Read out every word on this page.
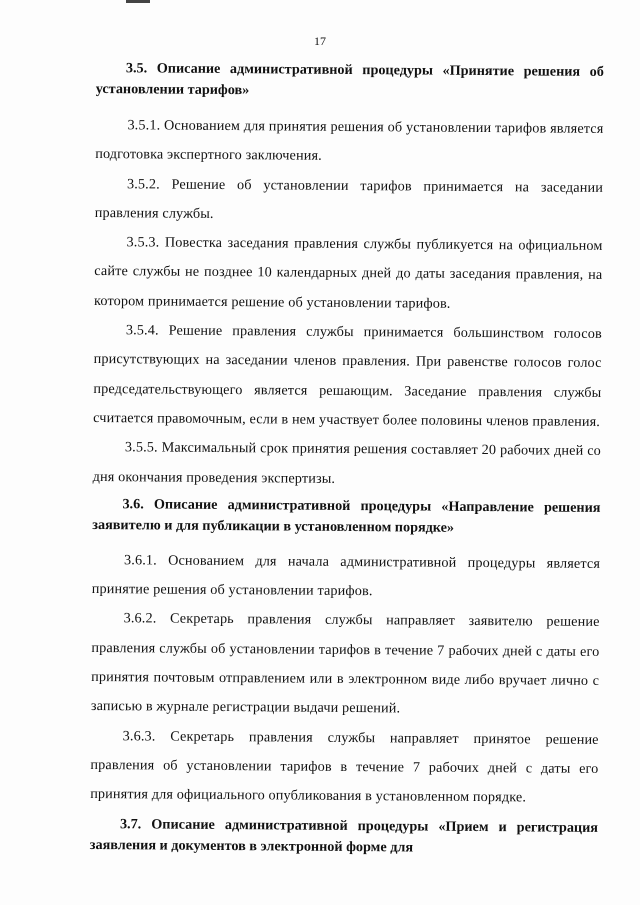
17

3.5. Описание административной процедуры «Принятие решения об установлении тарифов»

3.5.1. Основанием для принятия решения об установлении тарифов является подготовка экспертного заключения.

3.5.2. Решение об установлении тарифов принимается на заседании правления службы.

3.5.3. Повестка заседания правления службы публикуется на официальном сайте службы не позднее 10 календарных дней до даты заседания правления, на котором принимается решение об установлении тарифов.

3.5.4. Решение правления службы принимается большинством голосов присутствующих на заседании членов правления. При равенстве голосов голос председательствующего является решающим. Заседание правления службы считается правомочным, если в нем участвует более половины членов правления.

3.5.5. Максимальный срок принятия решения составляет 20 рабочих дней со дня окончания проведения экспертизы.

3.6. Описание административной процедуры «Направление решения заявителю и для публикации в установленном порядке»

3.6.1. Основанием для начала административной процедуры является принятие решения об установлении тарифов.

3.6.2. Секретарь правления службы направляет заявителю решение правления службы об установлении тарифов в течение 7 рабочих дней с даты его принятия почтовым отправлением или в электронном виде либо вручает лично с записью в журнале регистрации выдачи решений.

3.6.3. Секретарь правления службы направляет принятое решение правления об установлении тарифов в течение 7 рабочих дней с даты его принятия для официального опубликования в установленном порядке.

3.7. Описание административной процедуры «Прием и регистрация заявления и документов в электронной форме для
